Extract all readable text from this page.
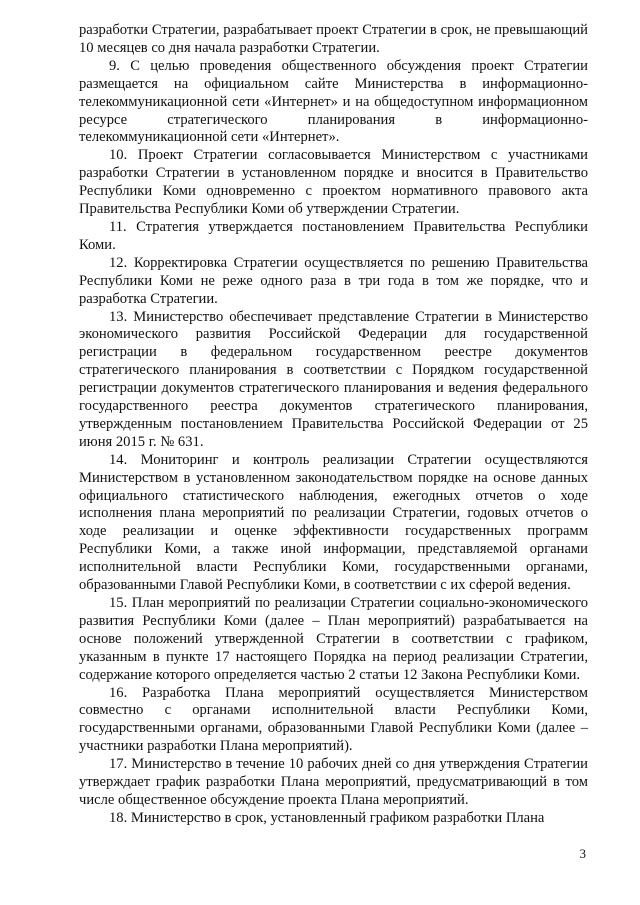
разработки Стратегии, разрабатывает проект Стратегии в срок, не превышающий 10 месяцев со дня начала разработки Стратегии.

9. С целью проведения общественного обсуждения проект Стратегии размещается на официальном сайте Министерства в информационно-телекоммуникационной сети «Интернет» и на общедоступном информационном ресурсе стратегического планирования в информационно-телекоммуникационной сети «Интернет».

10. Проект Стратегии согласовывается Министерством с участниками разработки Стратегии в установленном порядке и вносится в Правительство Республики Коми одновременно с проектом нормативного правового акта Правительства Республики Коми об утверждении Стратегии.

11. Стратегия утверждается постановлением Правительства Республики Коми.

12. Корректировка Стратегии осуществляется по решению Правительства Республики Коми не реже одного раза в три года в том же порядке, что и разработка Стратегии.

13. Министерство обеспечивает представление Стратегии в Министерство экономического развития Российской Федерации для государственной регистрации в федеральном государственном реестре документов стратегического планирования в соответствии с Порядком государственной регистрации документов стратегического планирования и ведения федерального государственного реестра документов стратегического планирования, утвержденным постановлением Правительства Российской Федерации от 25 июня 2015 г. № 631.

14. Мониторинг и контроль реализации Стратегии осуществляются Министерством в установленном законодательством порядке на основе данных официального статистического наблюдения, ежегодных отчетов о ходе исполнения плана мероприятий по реализации Стратегии, годовых отчетов о ходе реализации и оценке эффективности государственных программ Республики Коми, а также иной информации, представляемой органами исполнительной власти Республики Коми, государственными органами, образованными Главой Республики Коми, в соответствии с их сферой ведения.

15. План мероприятий по реализации Стратегии социально-экономического развития Республики Коми (далее – План мероприятий) разрабатывается на основе положений утвержденной Стратегии в соответствии с графиком, указанным в пункте 17 настоящего Порядка на период реализации Стратегии, содержание которого определяется частью 2 статьи 12 Закона Республики Коми.

16. Разработка Плана мероприятий осуществляется Министерством совместно с органами исполнительной власти Республики Коми, государственными органами, образованными Главой Республики Коми (далее – участники разработки Плана мероприятий).

17. Министерство в течение 10 рабочих дней со дня утверждения Стратегии утверждает график разработки Плана мероприятий, предусматривающий в том числе общественное обсуждение проекта Плана мероприятий.

18. Министерство в срок, установленный графиком разработки Плана

3
